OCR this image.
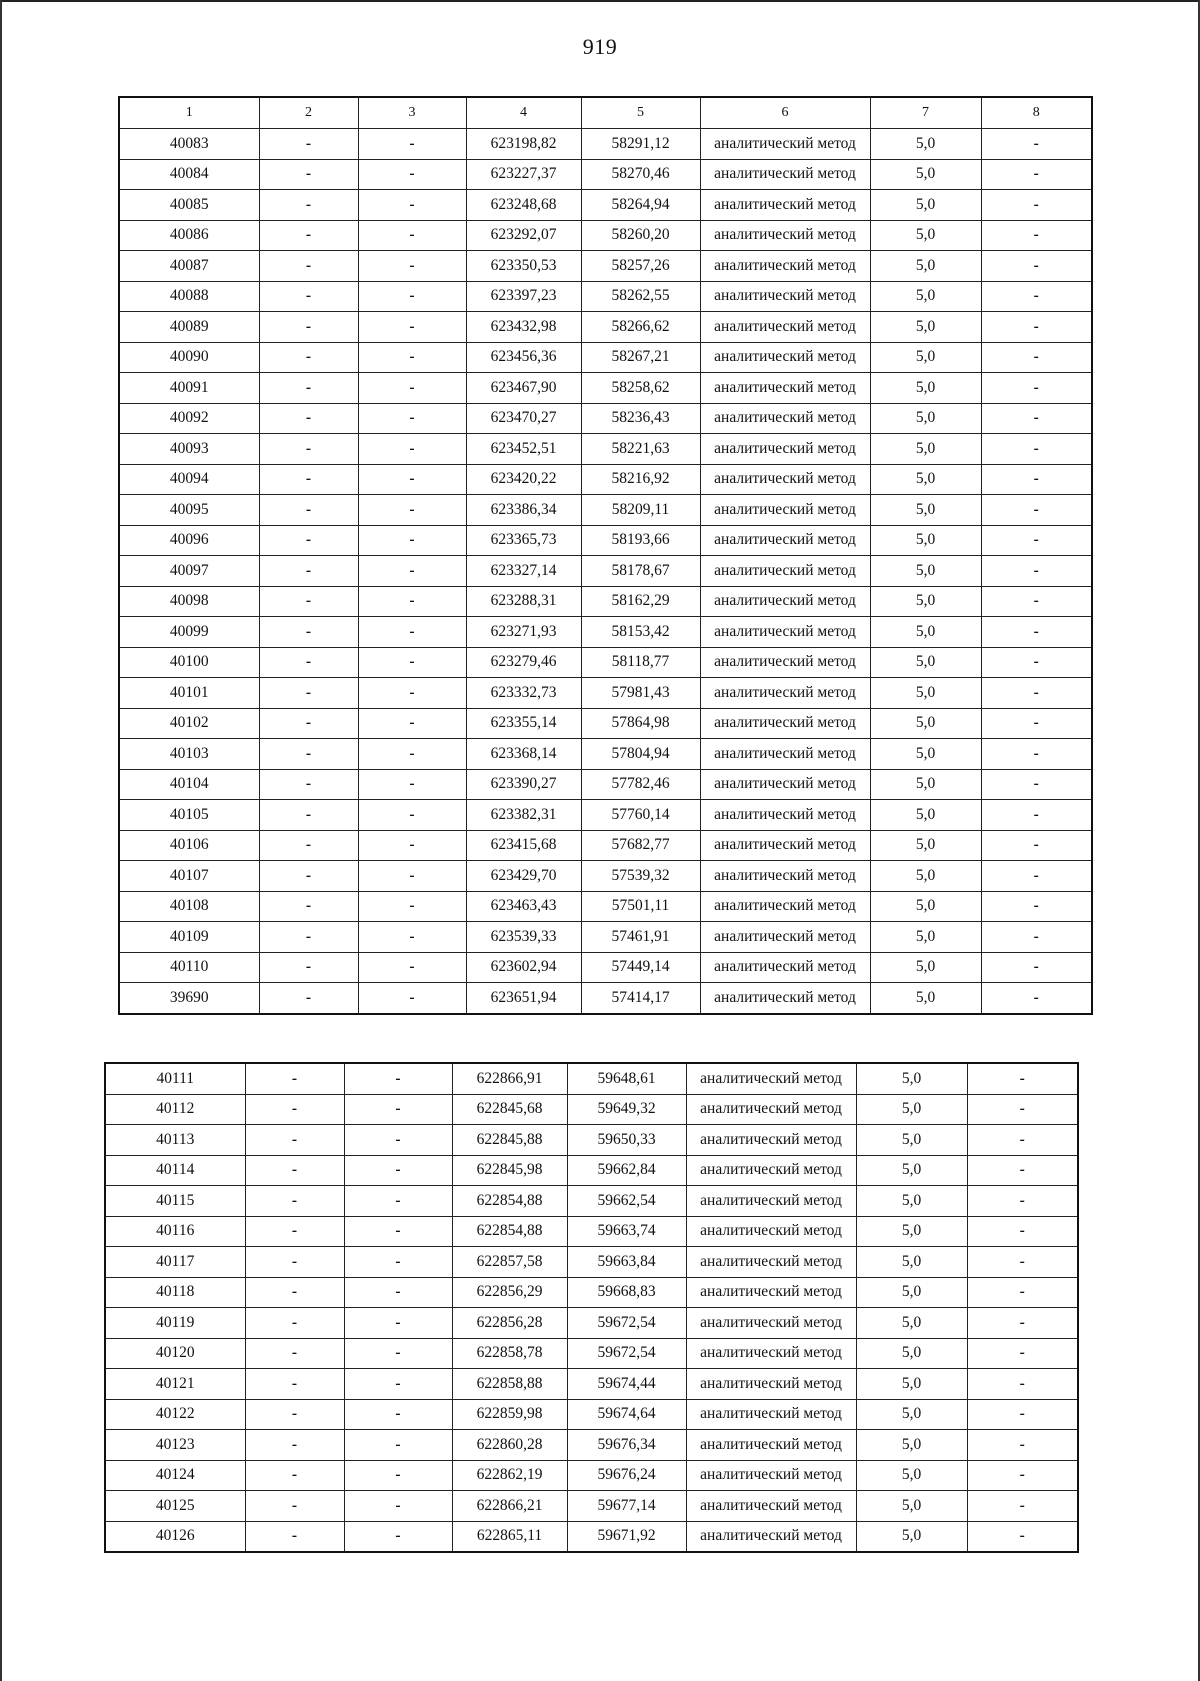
919
1	2	3	4	5	6	7	8
40083	-	-	623198,82	58291,12	аналитический метод	5,0	-
40084	-	-	623227,37	58270,46	аналитический метод	5,0	-
40085	-	-	623248,68	58264,94	аналитический метод	5,0	-
40086	-	-	623292,07	58260,20	аналитический метод	5,0	-
40087	-	-	623350,53	58257,26	аналитический метод	5,0	-
40088	-	-	623397,23	58262,55	аналитический метод	5,0	-
40089	-	-	623432,98	58266,62	аналитический метод	5,0	-
40090	-	-	623456,36	58267,21	аналитический метод	5,0	-
40091	-	-	623467,90	58258,62	аналитический метод	5,0	-
40092	-	-	623470,27	58236,43	аналитический метод	5,0	-
40093	-	-	623452,51	58221,63	аналитический метод	5,0	-
40094	-	-	623420,22	58216,92	аналитический метод	5,0	-
40095	-	-	623386,34	58209,11	аналитический метод	5,0	-
40096	-	-	623365,73	58193,66	аналитический метод	5,0	-
40097	-	-	623327,14	58178,67	аналитический метод	5,0	-
40098	-	-	623288,31	58162,29	аналитический метод	5,0	-
40099	-	-	623271,93	58153,42	аналитический метод	5,0	-
40100	-	-	623279,46	58118,77	аналитический метод	5,0	-
40101	-	-	623332,73	57981,43	аналитический метод	5,0	-
40102	-	-	623355,14	57864,98	аналитический метод	5,0	-
40103	-	-	623368,14	57804,94	аналитический метод	5,0	-
40104	-	-	623390,27	57782,46	аналитический метод	5,0	-
40105	-	-	623382,31	57760,14	аналитический метод	5,0	-
40106	-	-	623415,68	57682,77	аналитический метод	5,0	-
40107	-	-	623429,70	57539,32	аналитический метод	5,0	-
40108	-	-	623463,43	57501,11	аналитический метод	5,0	-
40109	-	-	623539,33	57461,91	аналитический метод	5,0	-
40110	-	-	623602,94	57449,14	аналитический метод	5,0	-
39690	-	-	623651,94	57414,17	аналитический метод	5,0	-
40111	-	-	622866,91	59648,61	аналитический метод	5,0	-
40112	-	-	622845,68	59649,32	аналитический метод	5,0	-
40113	-	-	622845,88	59650,33	аналитический метод	5,0	-
40114	-	-	622845,98	59662,84	аналитический метод	5,0	-
40115	-	-	622854,88	59662,54	аналитический метод	5,0	-
40116	-	-	622854,88	59663,74	аналитический метод	5,0	-
40117	-	-	622857,58	59663,84	аналитический метод	5,0	-
40118	-	-	622856,29	59668,83	аналитический метод	5,0	-
40119	-	-	622856,28	59672,54	аналитический метод	5,0	-
40120	-	-	622858,78	59672,54	аналитический метод	5,0	-
40121	-	-	622858,88	59674,44	аналитический метод	5,0	-
40122	-	-	622859,98	59674,64	аналитический метод	5,0	-
40123	-	-	622860,28	59676,34	аналитический метод	5,0	-
40124	-	-	622862,19	59676,24	аналитический метод	5,0	-
40125	-	-	622866,21	59677,14	аналитический метод	5,0	-
40126	-	-	622865,11	59671,92	аналитический метод	5,0	-
